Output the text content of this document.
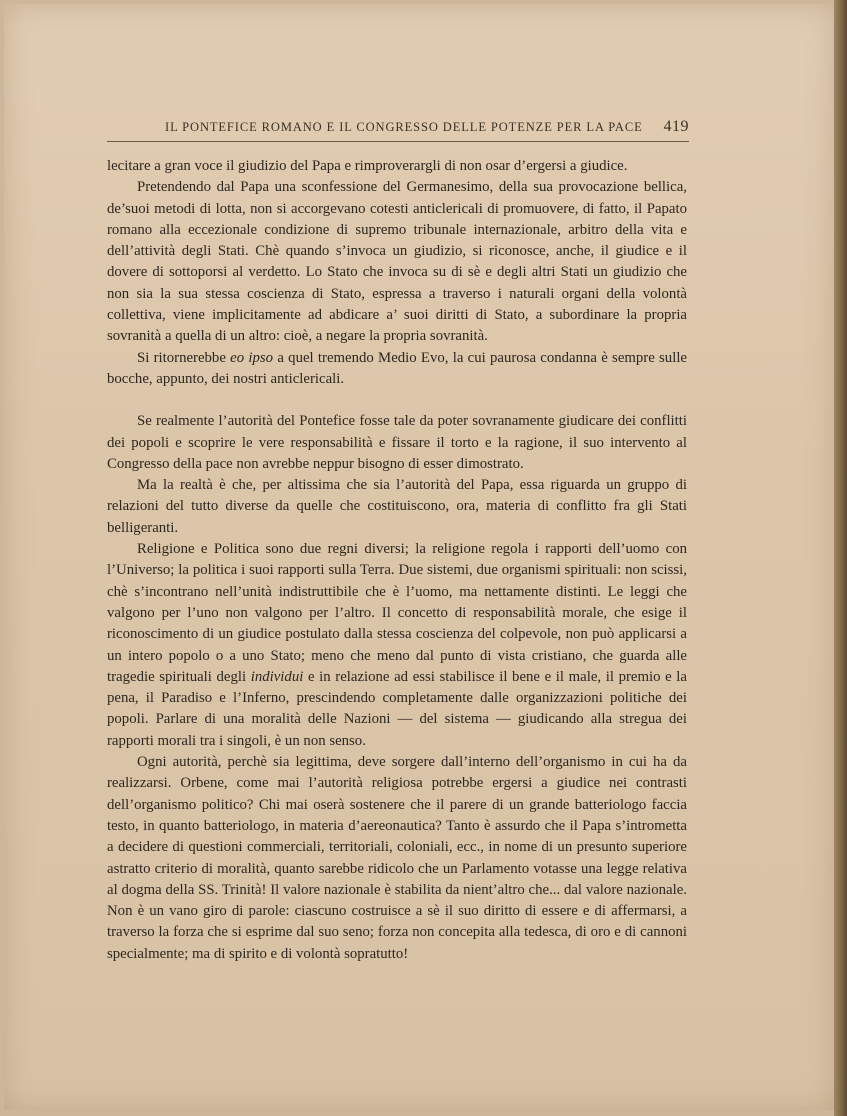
IL PONTEFICE ROMANO E IL CONGRESSO DELLE POTENZE PER LA PACE 419

lecitare a gran voce il giudizio del Papa e rimproverargli di non osar d’ergersi a giudice.

Pretendendo dal Papa una sconfessione del Germanesimo, della sua provocazione bellica, de’suoi metodi di lotta, non si accorgevano cotesti anticlericali di promuovere, di fatto, il Papato romano alla eccezionale condizione di supremo tribunale internazionale, arbitro della vita e dell’attività degli Stati. Chè quando s’invoca un giudizio, si riconosce, anche, il giudice e il dovere di sottoporsi al verdetto. Lo Stato che invoca su di sè e degli altri Stati un giudizio che non sia la sua stessa coscienza di Stato, espressa a traverso i naturali organi della volontà collettiva, viene implicitamente ad abdicare a’ suoi diritti di Stato, a subordinare la propria sovranità a quella di un altro: cioè, a negare la propria sovranità.

Si ritornerebbe eo ipso a quel tremendo Medio Evo, la cui paurosa condanna è sempre sulle bocche, appunto, dei nostri anticlericali.

Se realmente l’autorità del Pontefice fosse tale da poter sovranamente giudicare dei conflitti dei popoli e scoprire le vere responsabilità e fissare il torto e la ragione, il suo intervento al Congresso della pace non avrebbe neppur bisogno di esser dimostrato.

Ma la realtà è che, per altissima che sia l’autorità del Papa, essa riguarda un gruppo di relazioni del tutto diverse da quelle che costituiscono, ora, materia di conflitto fra gli Stati belligeranti.

Religione e Politica sono due regni diversi; la religione regola i rapporti dell’uomo con l’Universo; la politica i suoi rapporti sulla Terra. Due sistemi, due organismi spirituali: non scissi, chè s’incontrano nell’unità indistruttibile che è l’uomo, ma nettamente distinti. Le leggi che valgono per l’uno non valgono per l’altro. Il concetto di responsabilità morale, che esige il riconoscimento di un giudice postulato dalla stessa coscienza del colpevole, non può applicarsi a un intero popolo o a uno Stato; meno che meno dal punto di vista cristiano, che guarda alle tragedie spirituali degli individui e in relazione ad essi stabilisce il bene e il male, il premio e la pena, il Paradiso e l’Inferno, prescindendo completamente dalle organizzazioni politiche dei popoli. Parlare di una moralità delle Nazioni — del sistema — giudicando alla stregua dei rapporti morali tra i singoli, è un non senso.

Ogni autorità, perchè sia legittima, deve sorgere dall’interno dell’organismo in cui ha da realizzarsi. Orbene, come mai l’autorità religiosa potrebbe ergersi a giudice nei contrasti dell’organismo politico? Chi mai oserà sostenere che il parere di un grande batteriologo faccia testo, in quanto batteriologo, in materia d’aereonautica? Tanto è assurdo che il Papa s’intrometta a decidere di questioni commerciali, territoriali, coloniali, ecc., in nome di un presunto superiore astratto criterio di moralità, quanto sarebbe ridicolo che un Parlamento votasse una legge relativa al dogma della SS. Trinità! Il valore nazionale è stabilita da nient’altro che... dal valore nazionale. Non è un vano giro di parole: ciascuno costruisce a sè il suo diritto di essere e di affermarsi, a traverso la forza che si esprime dal suo seno; forza non concepita alla tedesca, di oro e di cannoni specialmente; ma di spirito e di volontà sopratutto!
